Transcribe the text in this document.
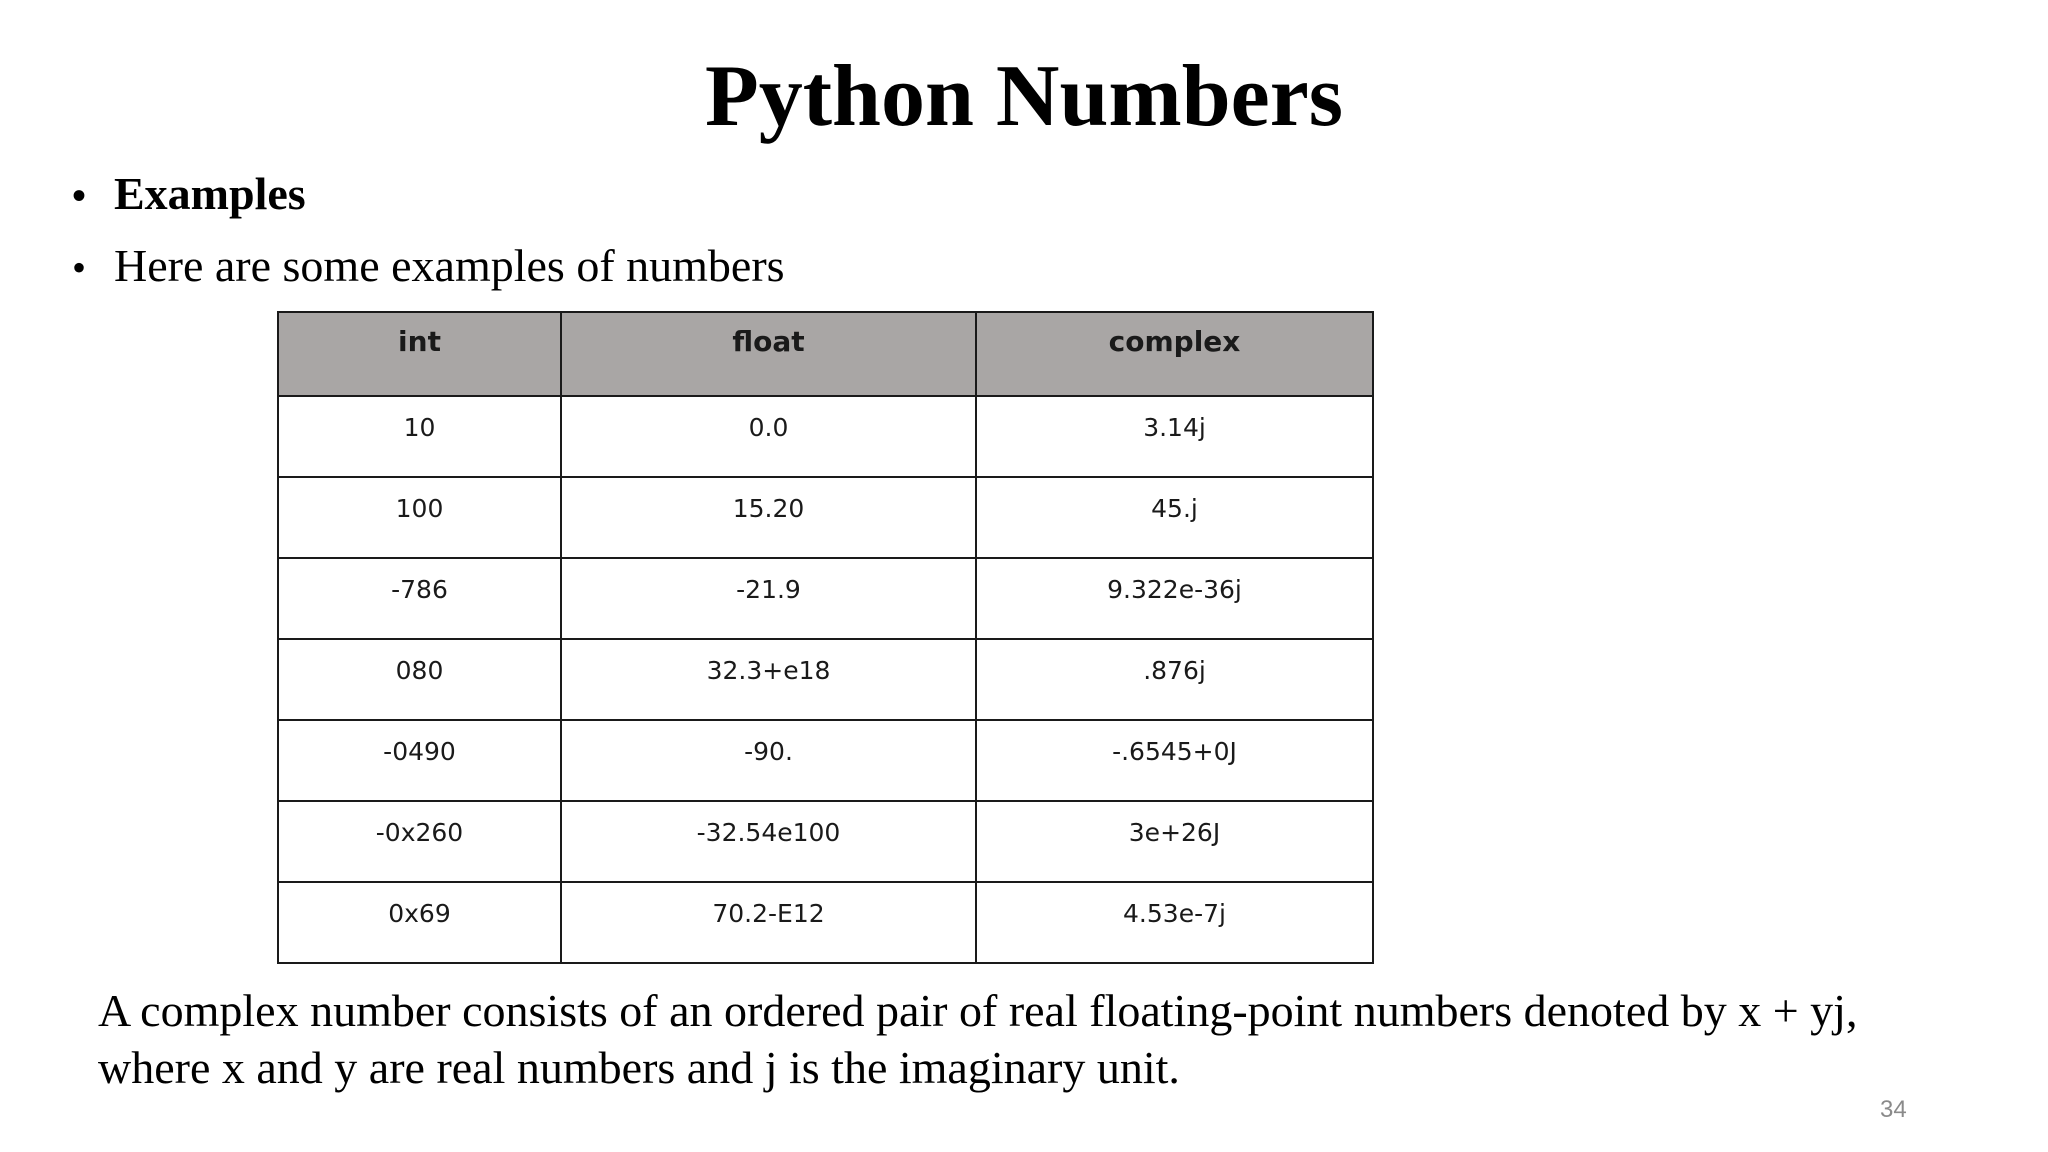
Python Numbers
• Examples
• Here are some examples of numbers
int	float	complex
10	0.0	3.14j
100	15.20	45.j
-786	-21.9	9.322e-36j
080	32.3+e18	.876j
-0490	-90.	-.6545+0J
-0x260	-32.54e100	3e+26J
0x69	70.2-E12	4.53e-7j

A complex number consists of an ordered pair of real floating-point numbers denoted by x + yj, where x and y are real numbers and j is the imaginary unit.

34
